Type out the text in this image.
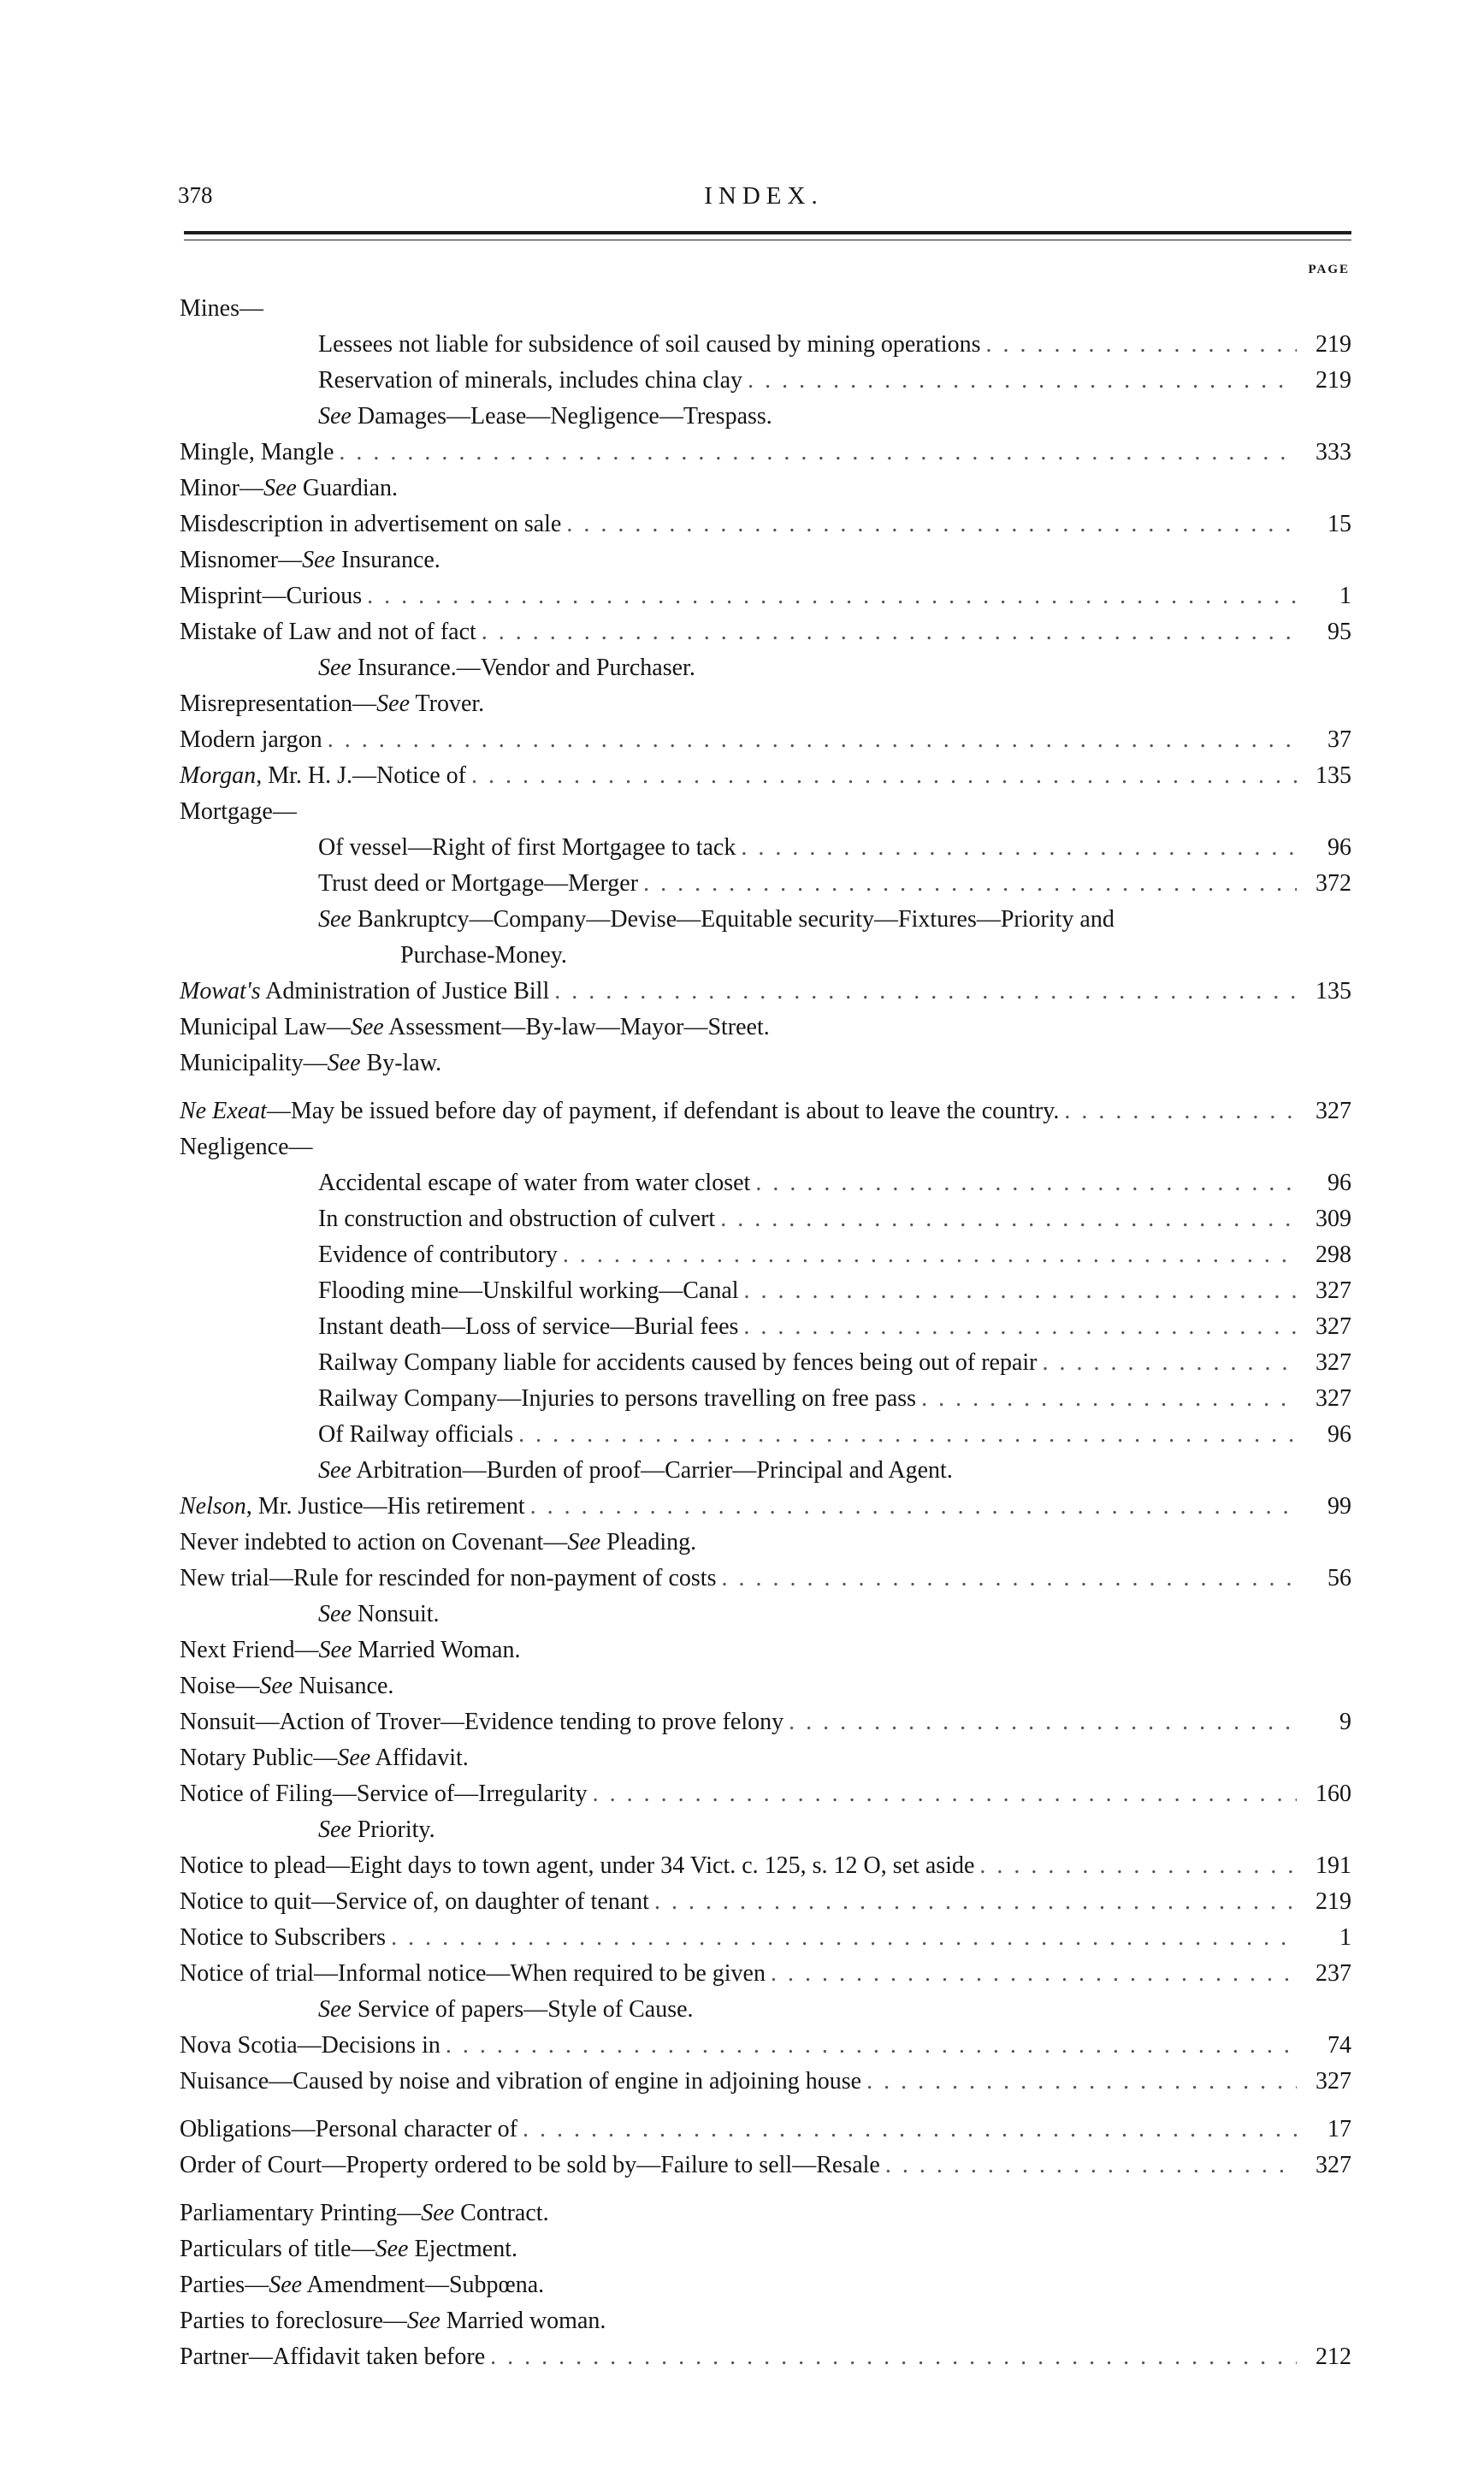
378	INDEX.
PAGE
Mines—
Lessees not liable for subsidence of soil caused by mining operations . . .	219
Reservation of minerals, includes china clay . . .	219
See Damages—Lease—Negligence—Trespass.
Mingle, Mangle . . .	333
Minor—See Guardian.
Misdescription in advertisement on sale . . .	15
Misnomer—See Insurance.
Misprint—Curious . . .	1
Mistake of Law and not of fact . . .	95
See Insurance.—Vendor and Purchaser.
Misrepresentation—See Trover.
Modern jargon . . .	37
Morgan, Mr. H. J.—Notice of . . .	135
Mortgage—
Of vessel—Right of first Mortgagee to tack . . .	96
Trust deed or Mortgage—Merger . . .	372
See Bankruptcy—Company—Devise—Equitable security—Fixtures—Priority and
Purchase-Money.
Mowat's Administration of Justice Bill . . .	135
Municipal Law—See Assessment—By-law—Mayor—Street.
Municipality—See By-law.
Ne Exeat—May be issued before day of payment, if defendant is about to leave the country. . . .	327
Negligence—
Accidental escape of water from water closet . . .	96
In construction and obstruction of culvert . . .	309
Evidence of contributory . . .	298
Flooding mine—Unskilful working—Canal . . .	327
Instant death—Loss of service—Burial fees . . .	327
Railway Company liable for accidents caused by fences being out of repair . . .	327
Railway Company—Injuries to persons travelling on free pass . . .	327
Of Railway officials . . .	96
See Arbitration—Burden of proof—Carrier—Principal and Agent.
Nelson, Mr. Justice—His retirement . . .	99
Never indebted to action on Covenant—See Pleading.
New trial—Rule for rescinded for non-payment of costs . . .	56
See Nonsuit.
Next Friend—See Married Woman.
Noise—See Nuisance.
Nonsuit—Action of Trover—Evidence tending to prove felony . . .	9
Notary Public—See Affidavit.
Notice of Filing—Service of—Irregularity . . .	160
See Priority.
Notice to plead—Eight days to town agent, under 34 Vict. c. 125, s. 12 O, set aside . . .	191
Notice to quit—Service of, on daughter of tenant . . .	219
Notice to Subscribers . . .	1
Notice of trial—Informal notice—When required to be given . . .	237
See Service of papers—Style of Cause.
Nova Scotia—Decisions in . . .	74
Nuisance—Caused by noise and vibration of engine in adjoining house . . .	327
Obligations—Personal character of . . .	17
Order of Court—Property ordered to be sold by—Failure to sell—Resale . . .	327
Parliamentary Printing—See Contract.
Particulars of title—See Ejectment.
Parties—See Amendment—Subpœna.
Parties to foreclosure—See Married woman.
Partner—Affidavit taken before . . .	212
